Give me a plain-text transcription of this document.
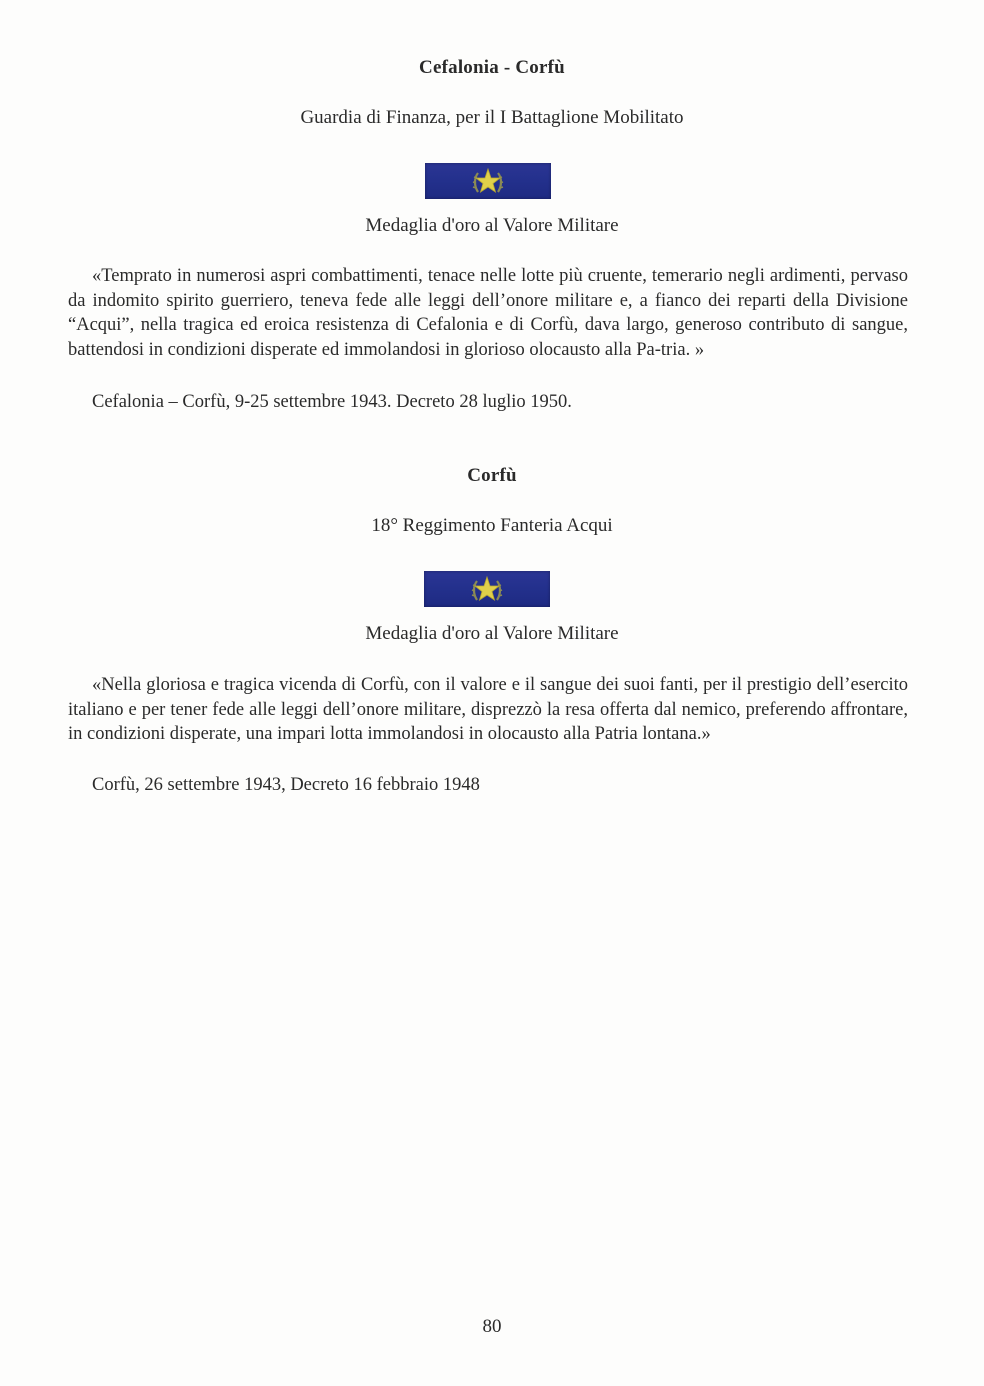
Cefalonia - Corfù
Guardia di Finanza, per il I Battaglione Mobilitato
Medaglia d'oro al Valore Militare

«Temprato in numerosi aspri combattimenti, tenace nelle lotte più cruente, temerario negli ardimenti, pervaso da indomito spirito guerriero, teneva fede alle leggi dell’onore militare e, a fianco dei reparti della Divisione “Acqui”, nella tragica ed eroica resistenza di Cefalonia e di Corfù, dava largo, generoso contributo di sangue, battendosi in condizioni disperate ed immolandosi in glorioso olocausto alla Pa-tria. »

Cefalonia – Corfù, 9-25 settembre 1943. Decreto 28 luglio 1950.

Corfù
18° Reggimento Fanteria Acqui
Medaglia d'oro al Valore Militare

«Nella gloriosa e tragica vicenda di Corfù, con il valore e il sangue dei suoi fanti, per il prestigio dell’esercito italiano e per tener fede alle leggi dell’onore militare, disprezzò la resa offerta dal nemico, preferendo affrontare, in condizioni disperate, una impari lotta immolandosi in olocausto alla Patria lontana.»

Corfù, 26 settembre 1943, Decreto 16 febbraio 1948

80
